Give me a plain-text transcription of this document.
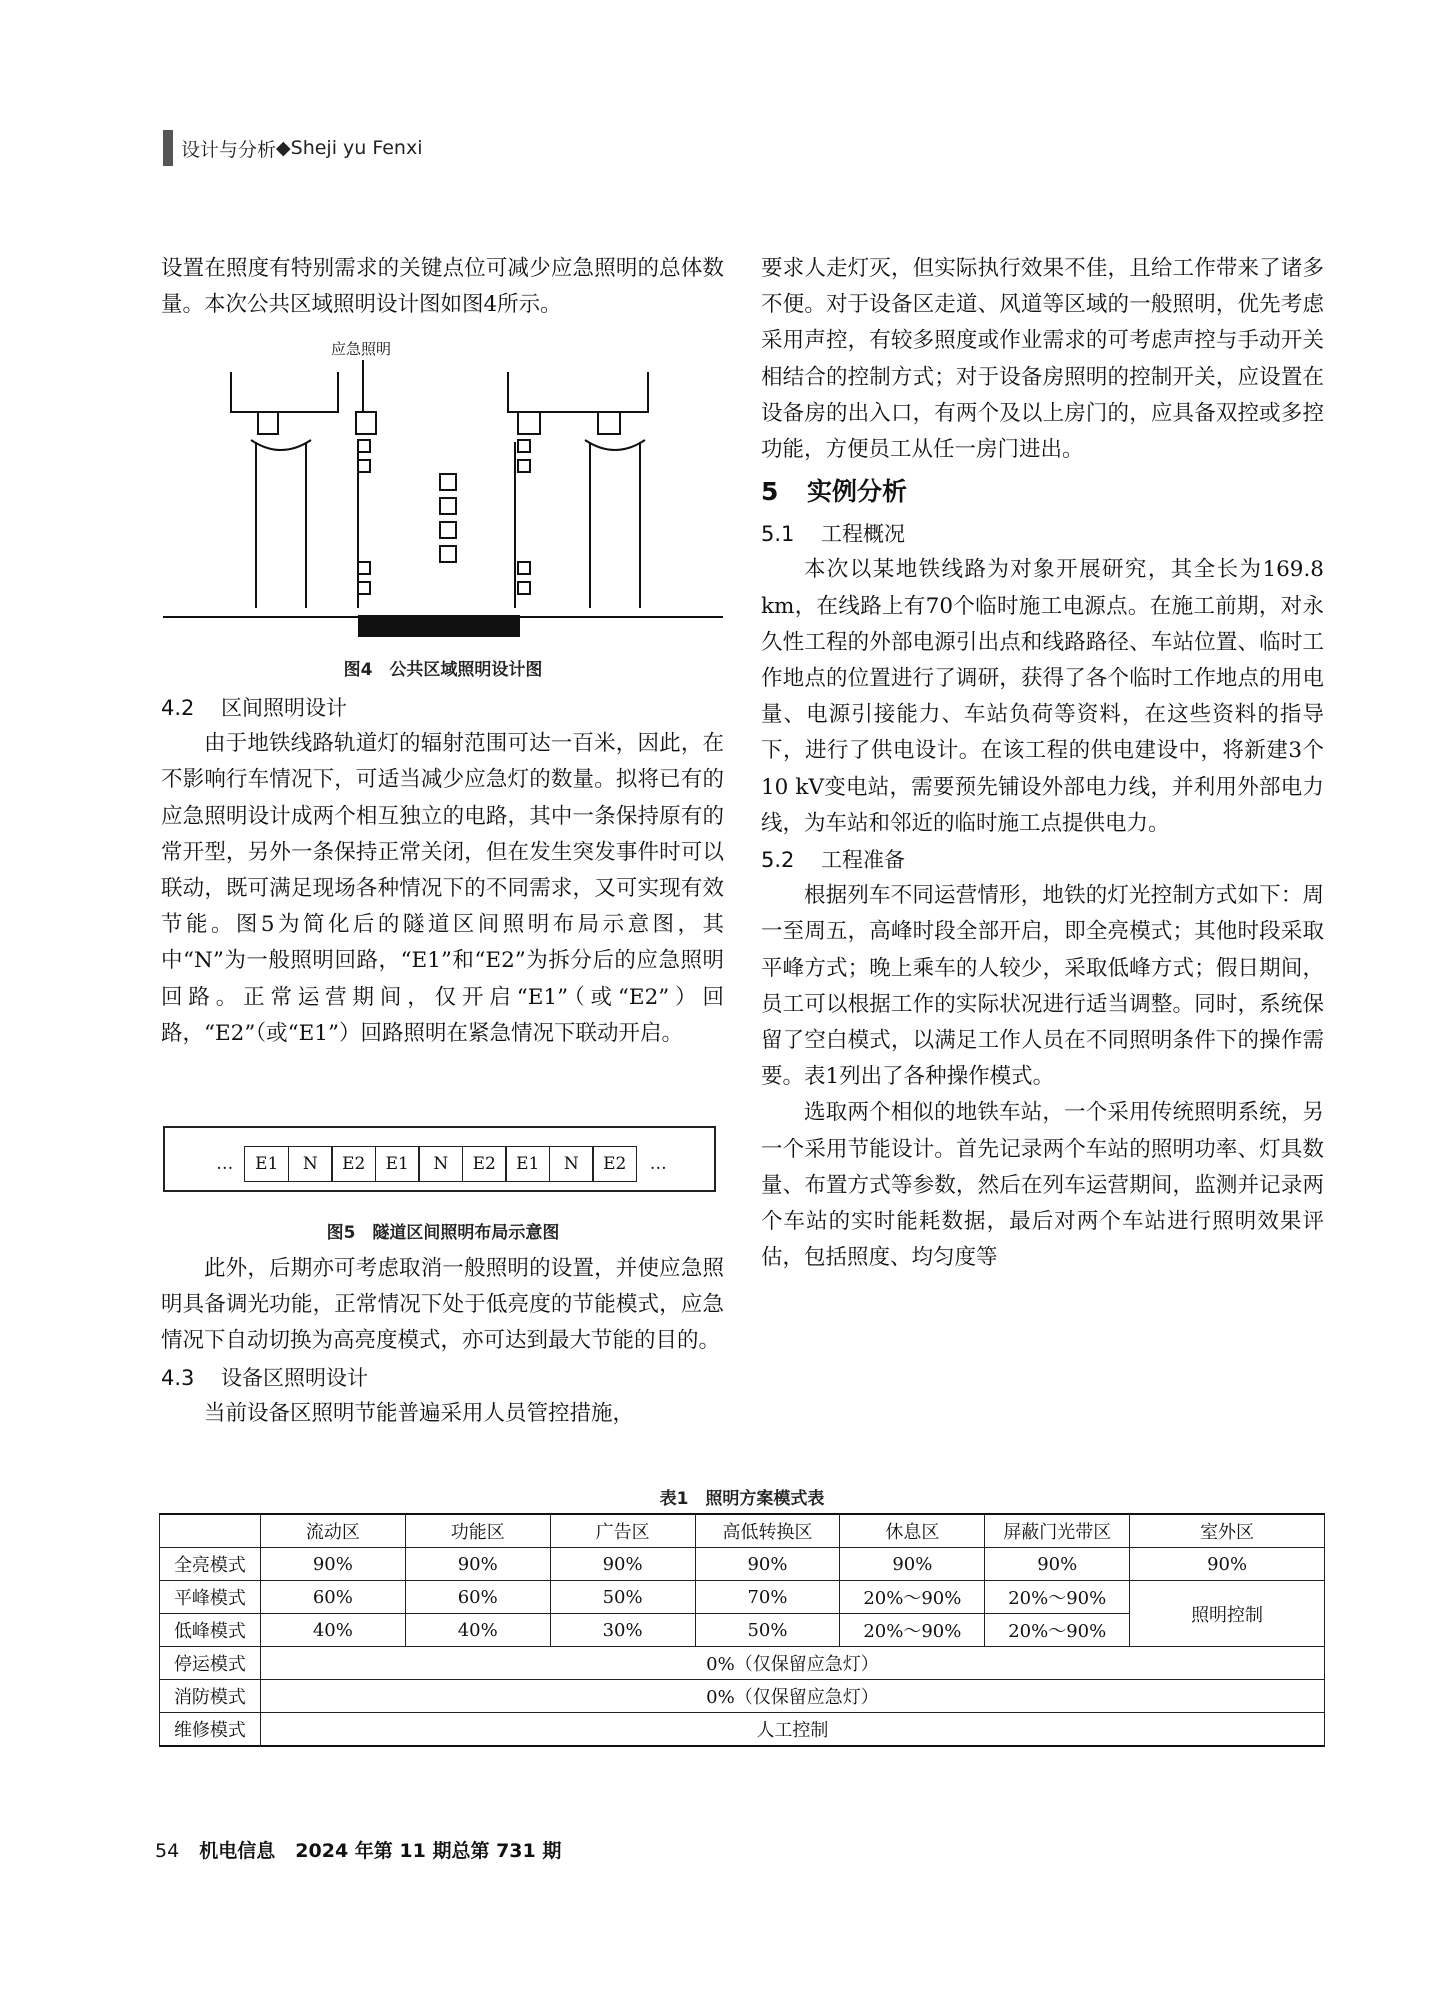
设计与分析 ◆ Sheji yu Fenxi

设置在照度有特别需求的关键点位可减少应急照明的总体数量。本次公共区域照明设计图如图4所示。

应急照明
图4　公共区域照明设计图
4.2	区间照明设计

由于地铁线路轨道灯的辐射范围可达一百米，因此，在不影响行车情况下，可适当减少应急灯的数量。拟将已有的应急照明设计成两个相互独立的电路，其中一条保持原有的常开型，另外一条保持正常关闭，但在发生突发事件时可以联动，既可满足现场各种情况下的不同需求，又可实现有效节能。图5为简化后的隧道区间照明布局示意图，其中“N”为一般照明回路，“E1”和“E2”为拆分后的应急照明回路。正常运营期间，仅开启“E1”（或“E2”）回路，“E2”（或“E1”）回路照明在紧急情况下联动开启。

…	E1	N	E2	E1	N	E2	E1	N	E2	…
图5　隧道区间照明布局示意图

此外，后期亦可考虑取消一般照明的设置，并使应急照明具备调光功能，正常情况下处于低亮度的节能模式，应急情况下自动切换为高亮度模式，亦可达到最大节能的目的。

4.3	设备区照明设计

当前设备区照明节能普遍采用人员管控措施，

要求人走灯灭，但实际执行效果不佳，且给工作带来了诸多不便。对于设备区走道、风道等区域的一般照明，优先考虑采用声控，有较多照度或作业需求的可考虑声控与手动开关相结合的控制方式；对于设备房照明的控制开关，应设置在设备房的出入口，有两个及以上房门的，应具备双控或多控功能，方便员工从任一房门进出。

5	实例分析
5.1	工程概况

本次以某地铁线路为对象开展研究，其全长为169.8 km，在线路上有70个临时施工电源点。在施工前期，对永久性工程的外部电源引出点和线路路径、车站位置、临时工作地点的位置进行了调研，获得了各个临时工作地点的用电量、电源引接能力、车站负荷等资料，在这些资料的指导下，进行了供电设计。在该工程的供电建设中，将新建3个10 kV变电站，需要预先铺设外部电力线，并利用外部电力线，为车站和邻近的临时施工点提供电力。

5.2	工程准备

根据列车不同运营情形，地铁的灯光控制方式如下：周一至周五，高峰时段全部开启，即全亮模式；其他时段采取平峰方式；晚上乘车的人较少，采取低峰方式；假日期间，员工可以根据工作的实际状况进行适当调整。同时，系统保留了空白模式，以满足工作人员在不同照明条件下的操作需要。表1列出了各种操作模式。

选取两个相似的地铁车站，一个采用传统照明系统，另一个采用节能设计。首先记录两个车站的照明功率、灯具数量、布置方式等参数，然后在列车运营期间，监测并记录两个车站的实时能耗数据，最后对两个车站进行照明效果评估，包括照度、均匀度等

表1　照明方案模式表
	流动区	功能区	广告区	高低转换区	休息区	屏蔽门光带区	室外区
全亮模式	90%	90%	90%	90%	90%	90%	90%
平峰模式	60%	60%	50%	70%	20%～90%	20%～90%	照明控制
低峰模式	40%	40%	30%	50%	20%～90%	20%～90%	
停运模式	0%（仅保留应急灯）						
消防模式	0%（仅保留应急灯）						
维修模式	人工控制						
54 机电信息 2024 年第 11 期总第 731 期
